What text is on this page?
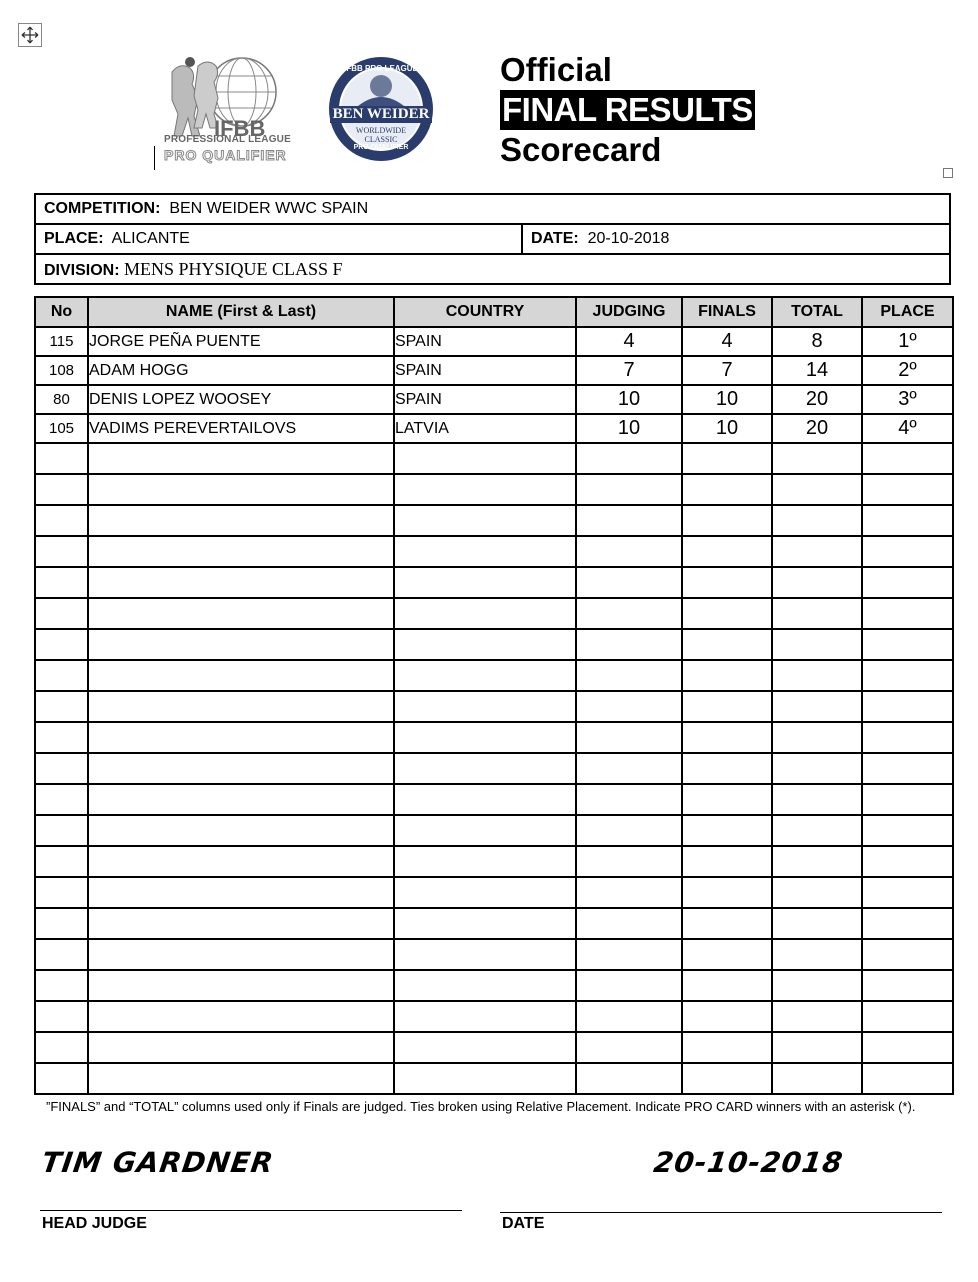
IFBB
PROFESSIONAL LEAGUE
PRO QUALIFIER
IFBB PRO LEAGUE
BEN WEIDER
WORLDWIDE CLASSIC
PRO QUALIFIER
Official
FINAL RESULTS
Scorecard
COMPETITION: BEN WEIDER WWC SPAIN
PLACE: ALICANTE	DATE: 20-10-2018
DIVISION: MENS PHYSIQUE CLASS F
No	NAME (First & Last)	COUNTRY	JUDGING	FINALS	TOTAL	PLACE
115	JORGE PEÑA PUENTE	SPAIN	4	4	8	1º
108	ADAM HOGG	SPAIN	7	7	14	2º
80	DENIS LOPEZ WOOSEY	SPAIN	10	10	20	3º
105	VADIMS PEREVERTAILOVS	LATVIA	10	10	20	4º

”FINALS” and “TOTAL” columns used only if Finals are judged. Ties broken using Relative Placement. Indicate PRO CARD winners with an asterisk (*).
TIM GARDNER	20-10-2018
HEAD JUDGE	DATE
